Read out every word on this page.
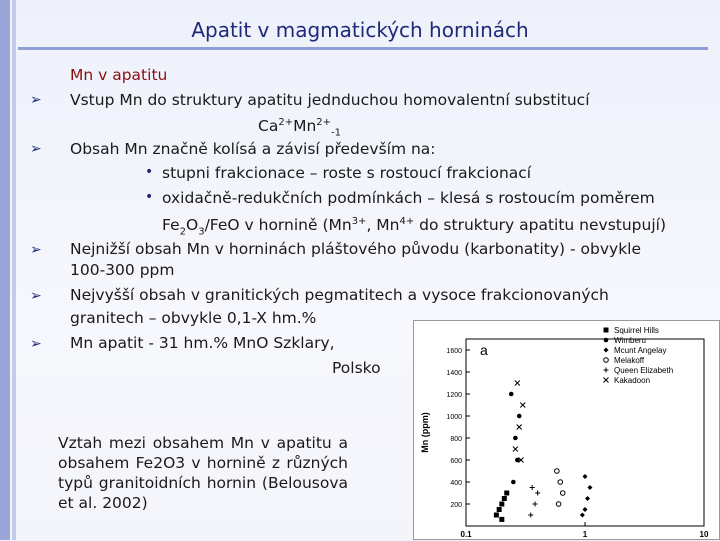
Apatit v magmatických horninách
Mn v apatitu
➢ Vstup Mn do struktury apatitu jednduchou homovalentní substitucí
$Ca^{2+}Mn^{2+}_{-1}$
➢ Obsah Mn značně kolísá a závisí především na:
• stupni frakcionace – roste s rostoucí frakcionací
• oxidačně-redukčních podmínkách – klesá s rostoucím poměrem
$Fe_2O_3$/FeO v hornině ($Mn^{3+}$, $Mn^{4+}$ do struktury apatitu nevstupují)
➢ Nejnižší obsah Mn v horninách pláštového původu (karbonatity) - obvykle
100-300 ppm
➢ Nejvyšší obsah v granitických pegmatitech a vysoce frakcionovaných
granitech – obvykle 0,1-X hm.%
➢ Mn apatit - 31 hm.% MnO Szklary,
Polsko
Vztah mezi obsahem Mn v apatitu a obsahem Fe2O3 v hornině z různých typů granitoidních hornin (Belousova et al. 2002)
1600
1400
1200
1000
800
600
400
200
0.1	1	10
Mn (ppm)
a
Squirrel Hills
Wimberu
Mcunt Angelay
Melakoff
Queen Elizabeth
Kakadoon
